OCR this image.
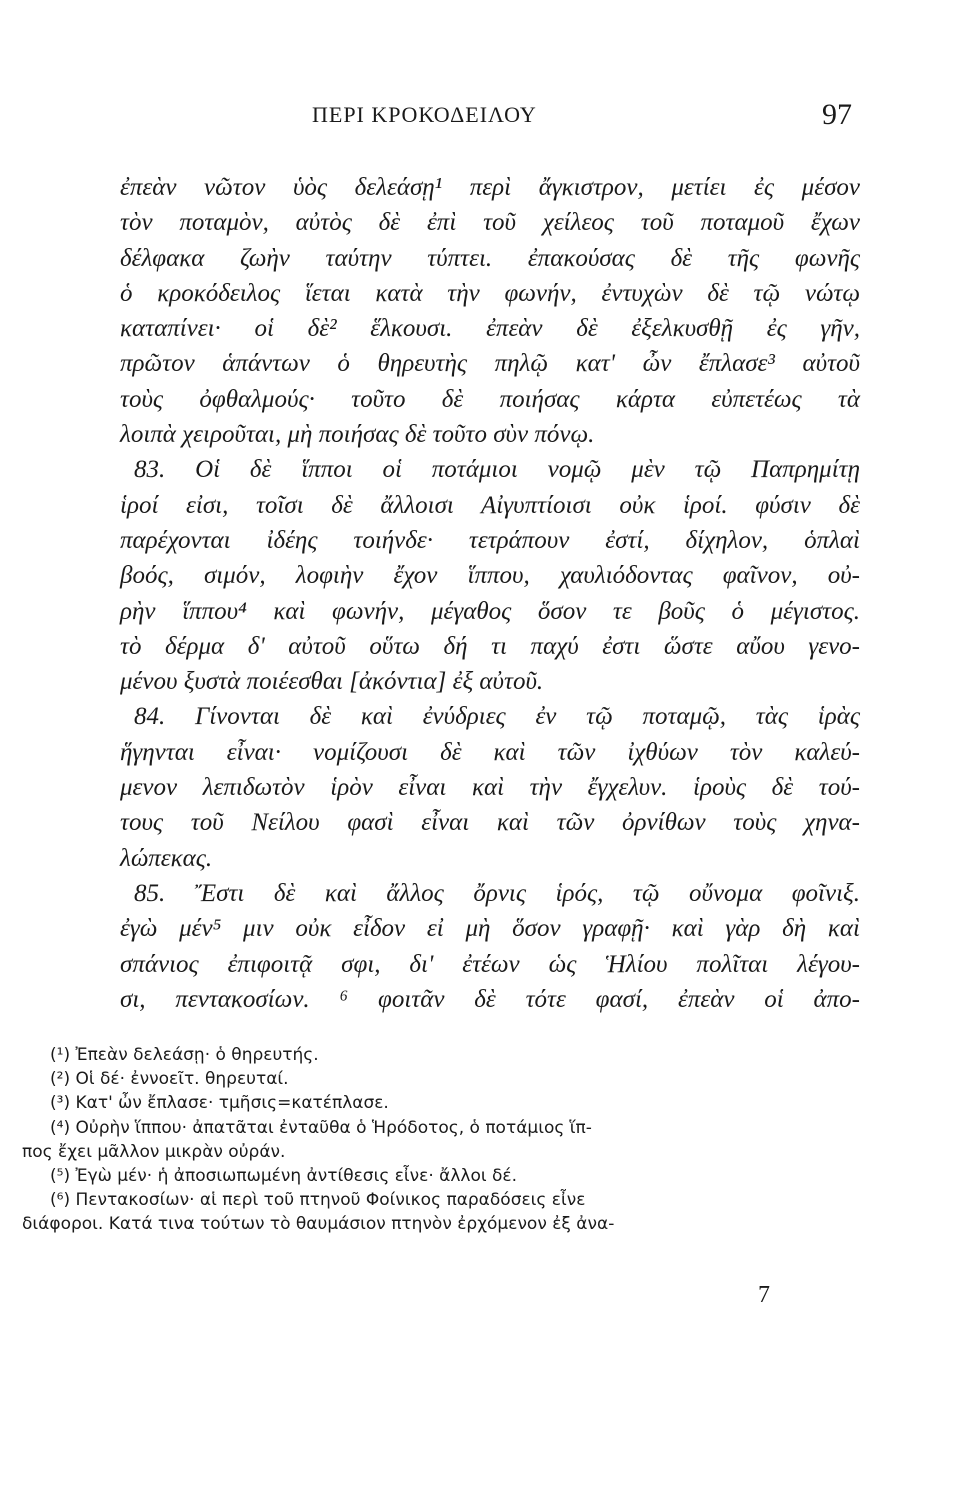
ΠΕΡΙ ΚΡΟΚΟΔΕΙΛΟΥ	97
ἐπεὰν νῶτον ὑὸς δελεάσῃ¹ περὶ ἄγκιστρον, μετίει ἐς μέσον
τὸν ποταμὸν, αὐτὸς δὲ ἐπὶ τοῦ χείλεος τοῦ ποταμοῦ ἔχων
δέλφακα ζωὴν ταύτην τύπτει. ἐπακούσας δὲ τῆς φωνῆς
ὁ κροκόδειλος ἵεται κατὰ τὴν φωνήν, ἐντυχὼν δὲ τῷ νώτῳ
καταπίνει· οἱ δὲ² ἕλκουσι. ἐπεὰν δὲ ἐξελκυσθῇ ἐς γῆν,
πρῶτον ἁπάντων ὁ θηρευτὴς πηλῷ κατ' ὦν ἔπλασε³ αὐτοῦ
τοὺς ὀφθαλμούς· τοῦτο δὲ ποιήσας κάρτα εὐπετέως τὰ
λοιπὰ χειροῦται, μὴ ποιήσας δὲ τοῦτο σὺν πόνῳ.
83. Οἱ δὲ ἵπποι οἱ ποτάμιοι νομῷ μὲν τῷ Παπρημίτῃ
ἱροί εἰσι, τοῖσι δὲ ἄλλοισι Αἰγυπτίοισι οὐκ ἱροί. φύσιν δὲ
παρέχονται ἰδέης τοιήνδε· τετράπουν ἐστί, δίχηλον, ὁπλαὶ
βοός, σιμόν, λοφιὴν ἔχον ἵππου, χαυλιόδοντας φαῖνον, οὐ-
ρὴν ἵππου⁴ καὶ φωνήν, μέγαθος ὅσον τε βοῦς ὁ μέγιστος.
τὸ δέρμα δ' αὐτοῦ οὕτω δή τι παχύ ἐστι ὥστε αὔου γενο-
μένου ξυστὰ ποιέεσθαι [ἀκόντια] ἐξ αὐτοῦ.
84. Γίνονται δὲ καὶ ἐνύδριες ἐν τῷ ποταμῷ, τὰς ἱρὰς
ἥγηνται εἶναι· νομίζουσι δὲ καὶ τῶν ἰχθύων τὸν καλεύ-
μενον λεπιδωτὸν ἱρὸν εἶναι καὶ τὴν ἔγχελυν. ἱροὺς δὲ τού-
τους τοῦ Νείλου φασὶ εἶναι καὶ τῶν ὀρνίθων τοὺς χηνα-
λώπεκας.
85. Ἔστι δὲ καὶ ἄλλος ὄρνις ἱρός, τῷ οὔνομα φοῖνιξ.
ἐγὼ μέν⁵ μιν οὐκ εἶδον εἰ μὴ ὅσον γραφῇ· καὶ γὰρ δὴ καὶ
σπάνιος ἐπιφοιτᾷ σφι, δι' ἐτέων ὡς Ἡλίου πολῖται λέγου-
σι, πεντακοσίων. ⁶ φοιτᾶν δὲ τότε φασί, ἐπεὰν οἱ ἀπο-
(¹) Ἐπεὰν δελεάσῃ· ὁ θηρευτής.
(²) Οἱ δέ· ἐννοεῖτ. θηρευταί.
(³) Κατ' ὦν ἔπλασε· τμῆσις=κατέπλασε.
(⁴) Οὐρὴν ἵππου· ἀπατᾶται ἐνταῦθα ὁ Ἡρόδοτος, ὁ ποτάμιος ἵπ-
πος ἔχει μᾶλλον μικρὰν οὐράν.
(⁵) Ἐγὼ μέν· ἡ ἀποσιωπωμένη ἀντίθεσις εἶνε· ἄλλοι δέ.
(⁶) Πεντακοσίων· αἱ περὶ τοῦ πτηνοῦ Φοίνικος παραδόσεις εἶνε
διάφοροι. Κατά τινα τούτων τὸ θαυμάσιον πτηνὸν ἐρχόμενον ἐξ ἀνα-
7
